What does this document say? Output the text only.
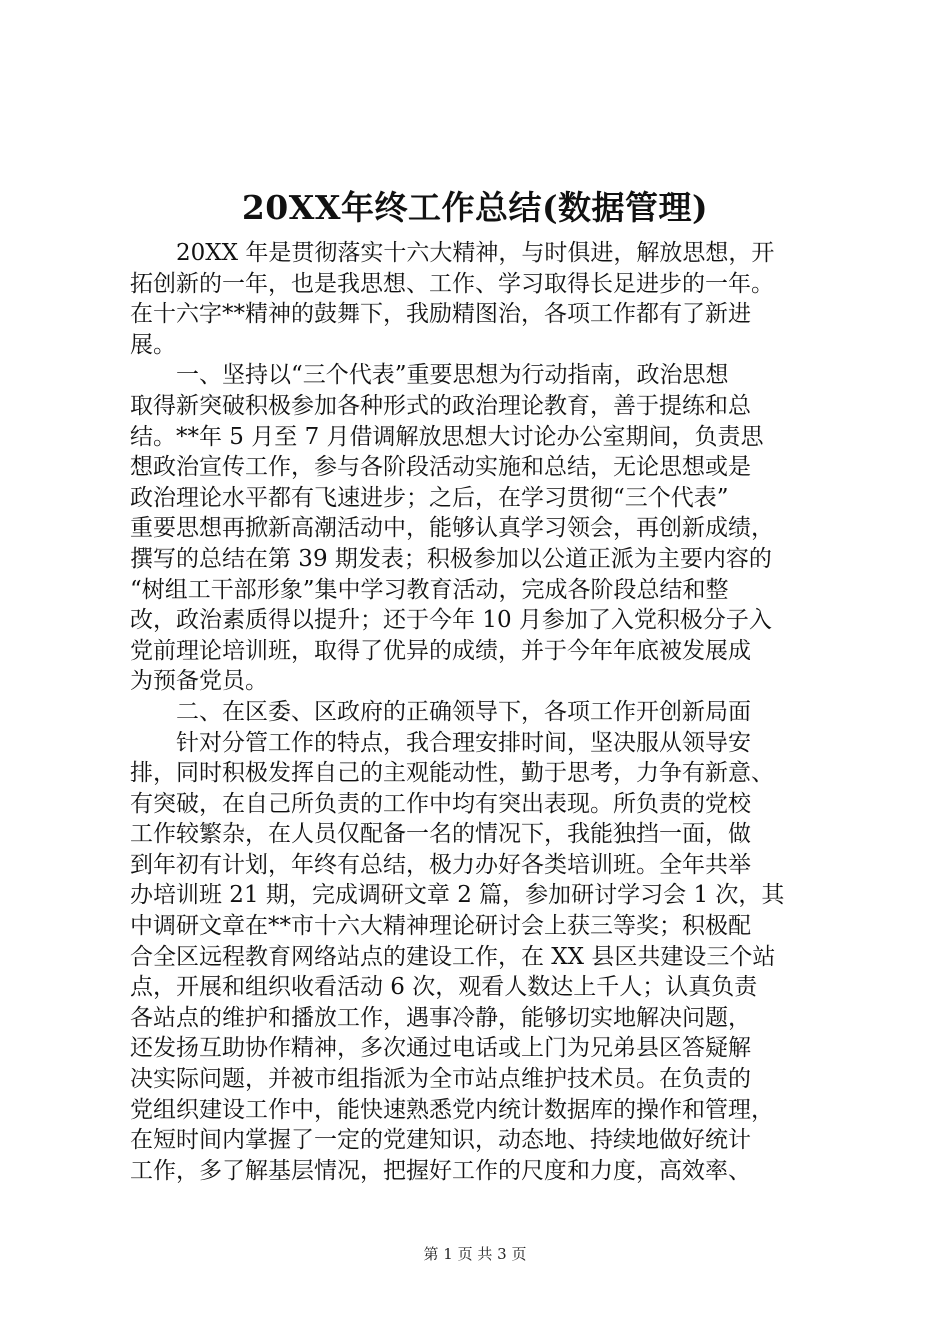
20XX年终工作总结(数据管理)
20XX 年是贯彻落实十六大精神，与时俱进，解放思想，开
拓创新的一年，也是我思想、工作、学习取得长足进步的一年。
在十六字**精神的鼓舞下，我励精图治，各项工作都有了新进
展。
一、坚持以“三个代表”重要思想为行动指南，政治思想
取得新突破积极参加各种形式的政治理论教育，善于提练和总
结。**年 5 月至 7 月借调解放思想大讨论办公室期间，负责思
想政治宣传工作，参与各阶段活动实施和总结，无论思想或是
政治理论水平都有飞速进步；之后，在学习贯彻“三个代表”
重要思想再掀新高潮活动中，能够认真学习领会，再创新成绩，
撰写的总结在第 39 期发表；积极参加以公道正派为主要内容的
“树组工干部形象”集中学习教育活动，完成各阶段总结和整
改，政治素质得以提升；还于今年 10 月参加了入党积极分子入
党前理论培训班，取得了优异的成绩，并于今年年底被发展成
为预备党员。
二、在区委、区政府的正确领导下，各项工作开创新局面
针对分管工作的特点，我合理安排时间，坚决服从领导安
排，同时积极发挥自己的主观能动性，勤于思考，力争有新意、
有突破，在自己所负责的工作中均有突出表现。所负责的党校
工作较繁杂，在人员仅配备一名的情况下，我能独挡一面，做
到年初有计划，年终有总结，极力办好各类培训班。全年共举
办培训班 21 期，完成调研文章 2 篇，参加研讨学习会 1 次，其
中调研文章在**市十六大精神理论研讨会上获三等奖；积极配
合全区远程教育网络站点的建设工作，在 XX 县区共建设三个站
点，开展和组织收看活动 6 次，观看人数达上千人；认真负责
各站点的维护和播放工作，遇事冷静，能够切实地解决问题，
还发扬互助协作精神，多次通过电话或上门为兄弟县区答疑解
决实际问题，并被市组指派为全市站点维护技术员。在负责的
党组织建设工作中，能快速熟悉党内统计数据库的操作和管理，
在短时间内掌握了一定的党建知识，动态地、持续地做好统计
工作，多了解基层情况，把握好工作的尺度和力度，高效率、
第 1 页 共 3 页
